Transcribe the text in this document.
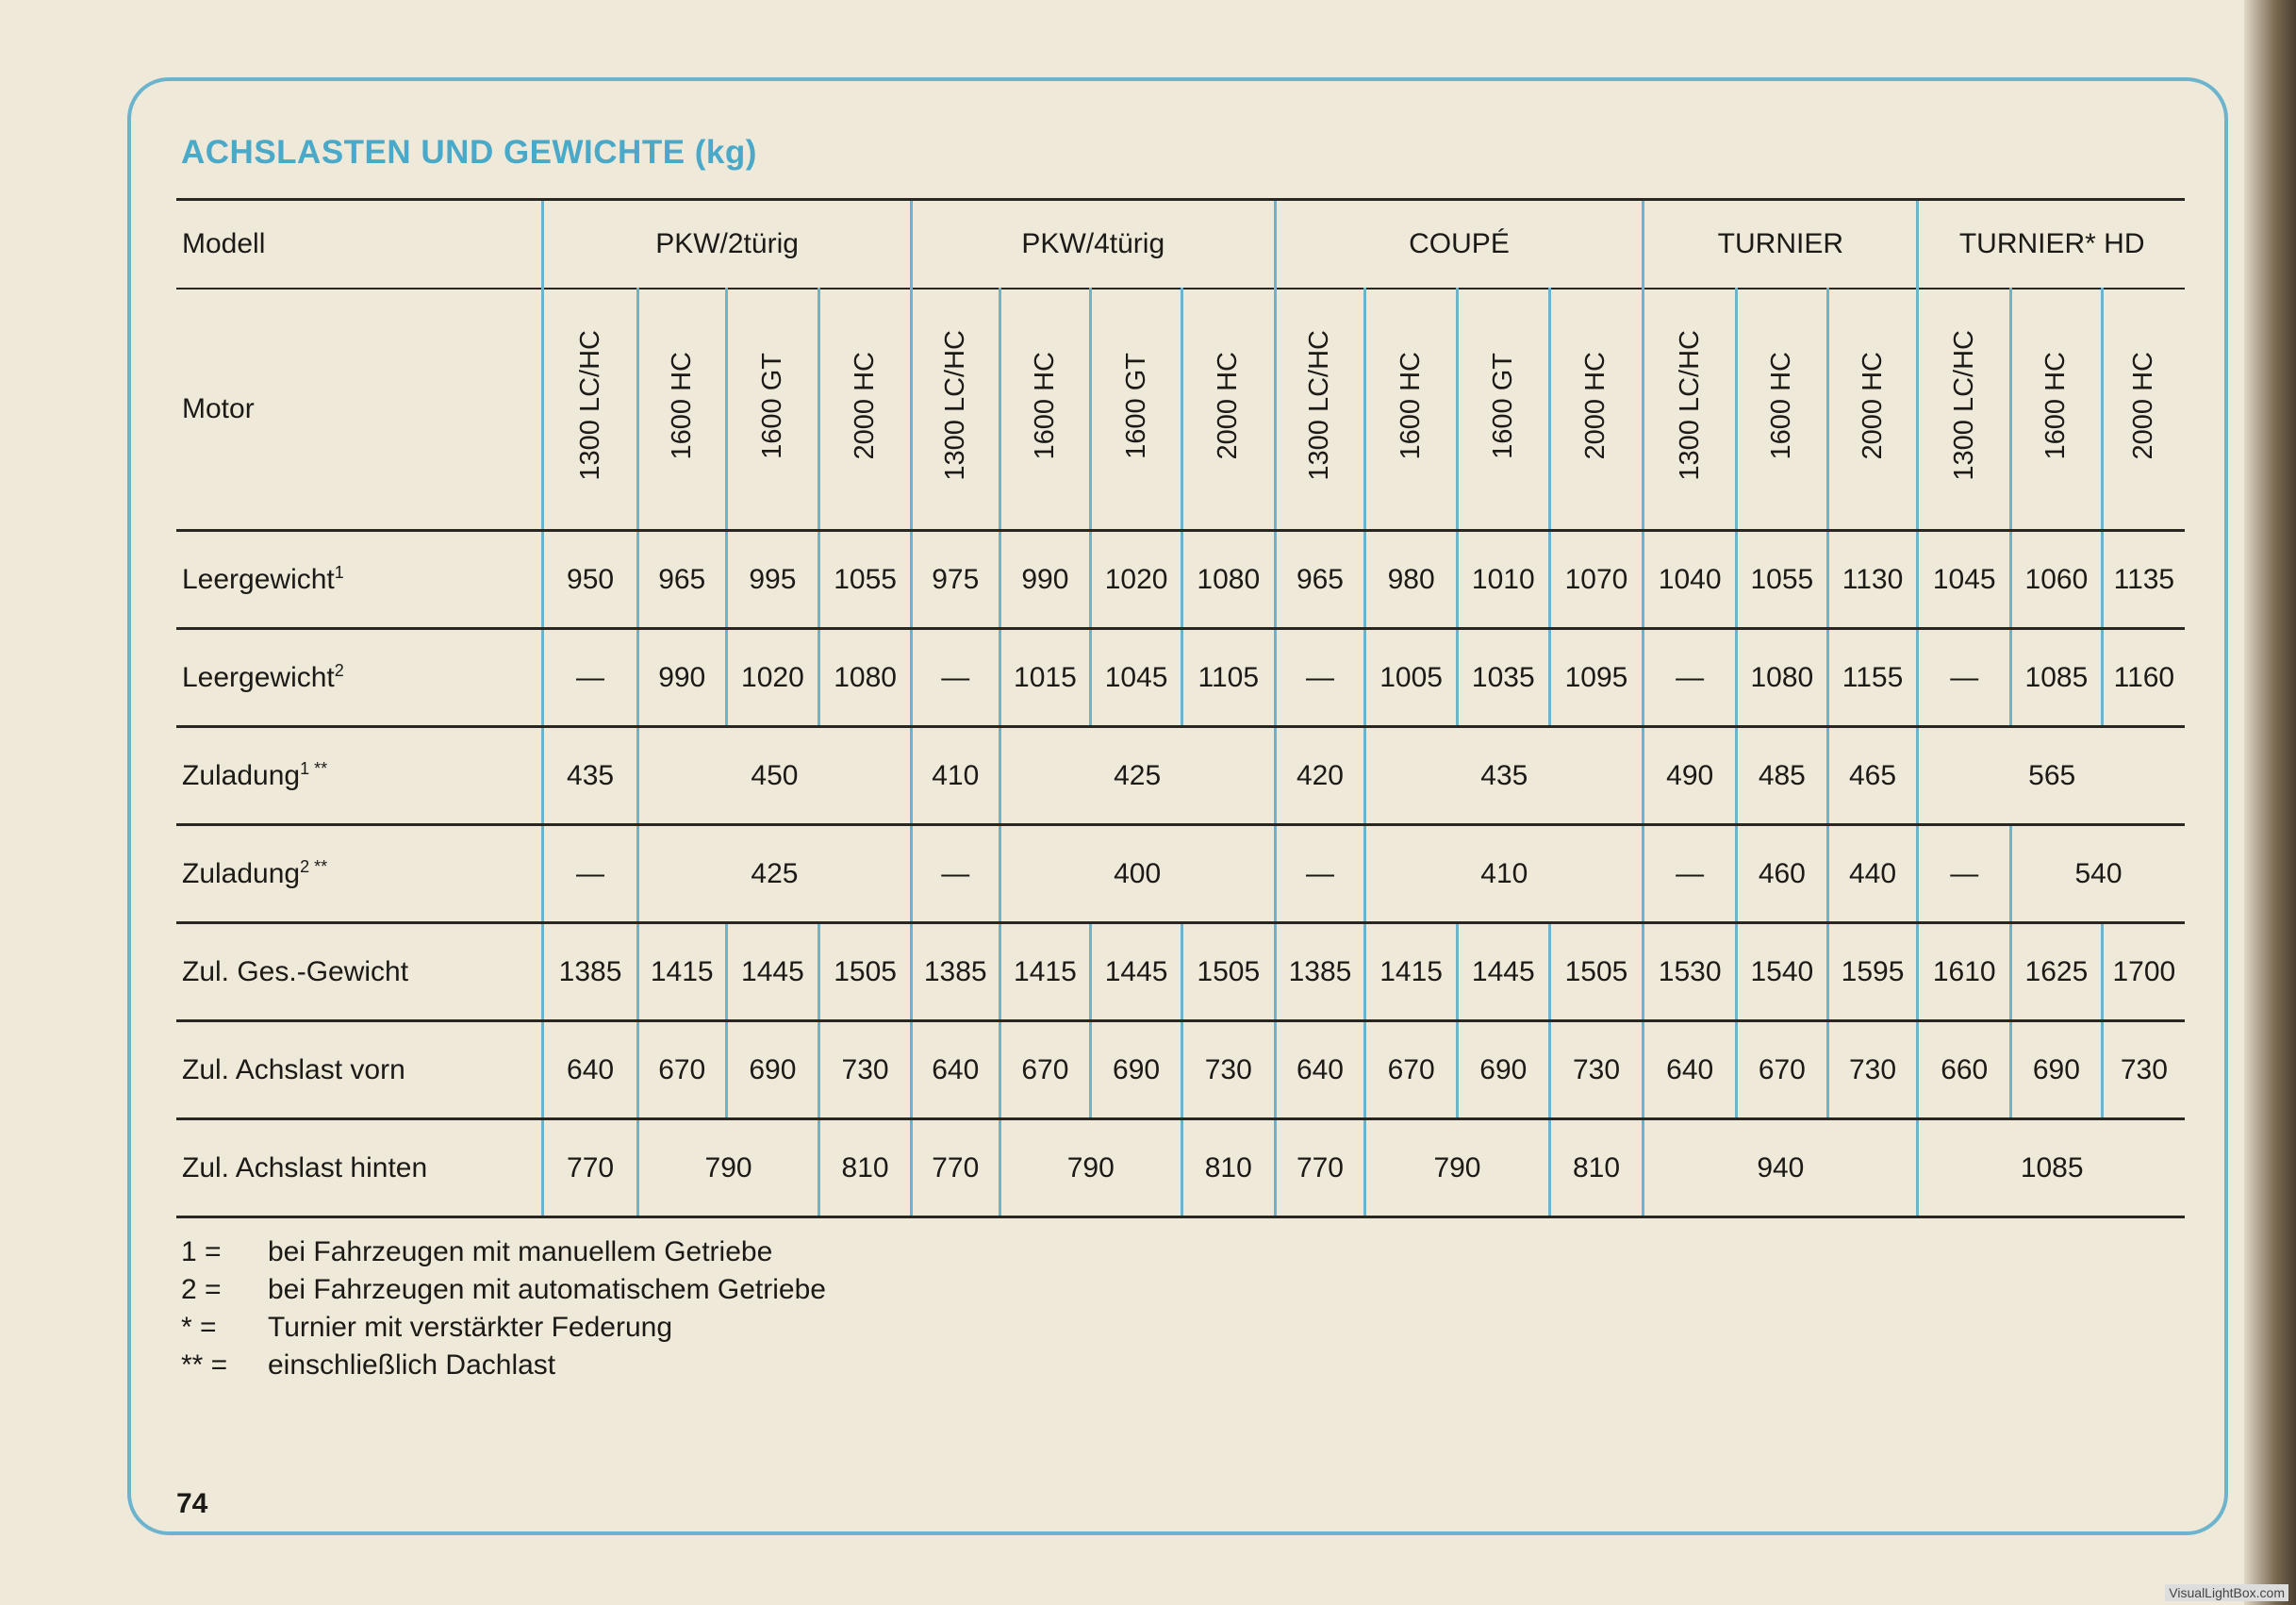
ACHSLASTEN UND GEWICHTE (kg)
Modell	PKW/2türig				PKW/4türig				COUPÉ				TURNIER			TURNIER* HD		
Motor	1300 LC/HC	1600 HC	1600 GT	2000 HC	1300 LC/HC	1600 HC	1600 GT	2000 HC	1300 LC/HC	1600 HC	1600 GT	2000 HC	1300 LC/HC	1600 HC	2000 HC	1300 LC/HC	1600 HC	2000 HC
Leergewicht$^1$	950	965	995	1055	975	990	1020	1080	965	980	1010	1070	1040	1055	1130	1045	1060	1135
Leergewicht$^2$	—	990	1020	1080	—	1015	1045	1105	—	1005	1035	1095	—	1080	1155	—	1085	1160
Zuladung$^{1 **}$	435	450			410	425			420	435			490	485	465	565		
Zuladung$^{2 **}$	—	425			—	400			—	410			—	460	440	—	540	
Zul. Ges.-Gewicht	1385	1415	1445	1505	1385	1415	1445	1505	1385	1415	1445	1505	1530	1540	1595	1610	1625	1700
Zul. Achslast vorn	640	670	690	730	640	670	690	730	640	670	690	730	640	670	730	660	690	730
Zul. Achslast hinten	770	790		810	770	790		810	770	790		810	940			1085		
1 =	bei Fahrzeugen mit manuellem Getriebe
2 =	bei Fahrzeugen mit automatischem Getriebe
* =	Turnier mit verstärkter Federung
** =	einschließlich Dachlast
74
VisualLightBox.com
